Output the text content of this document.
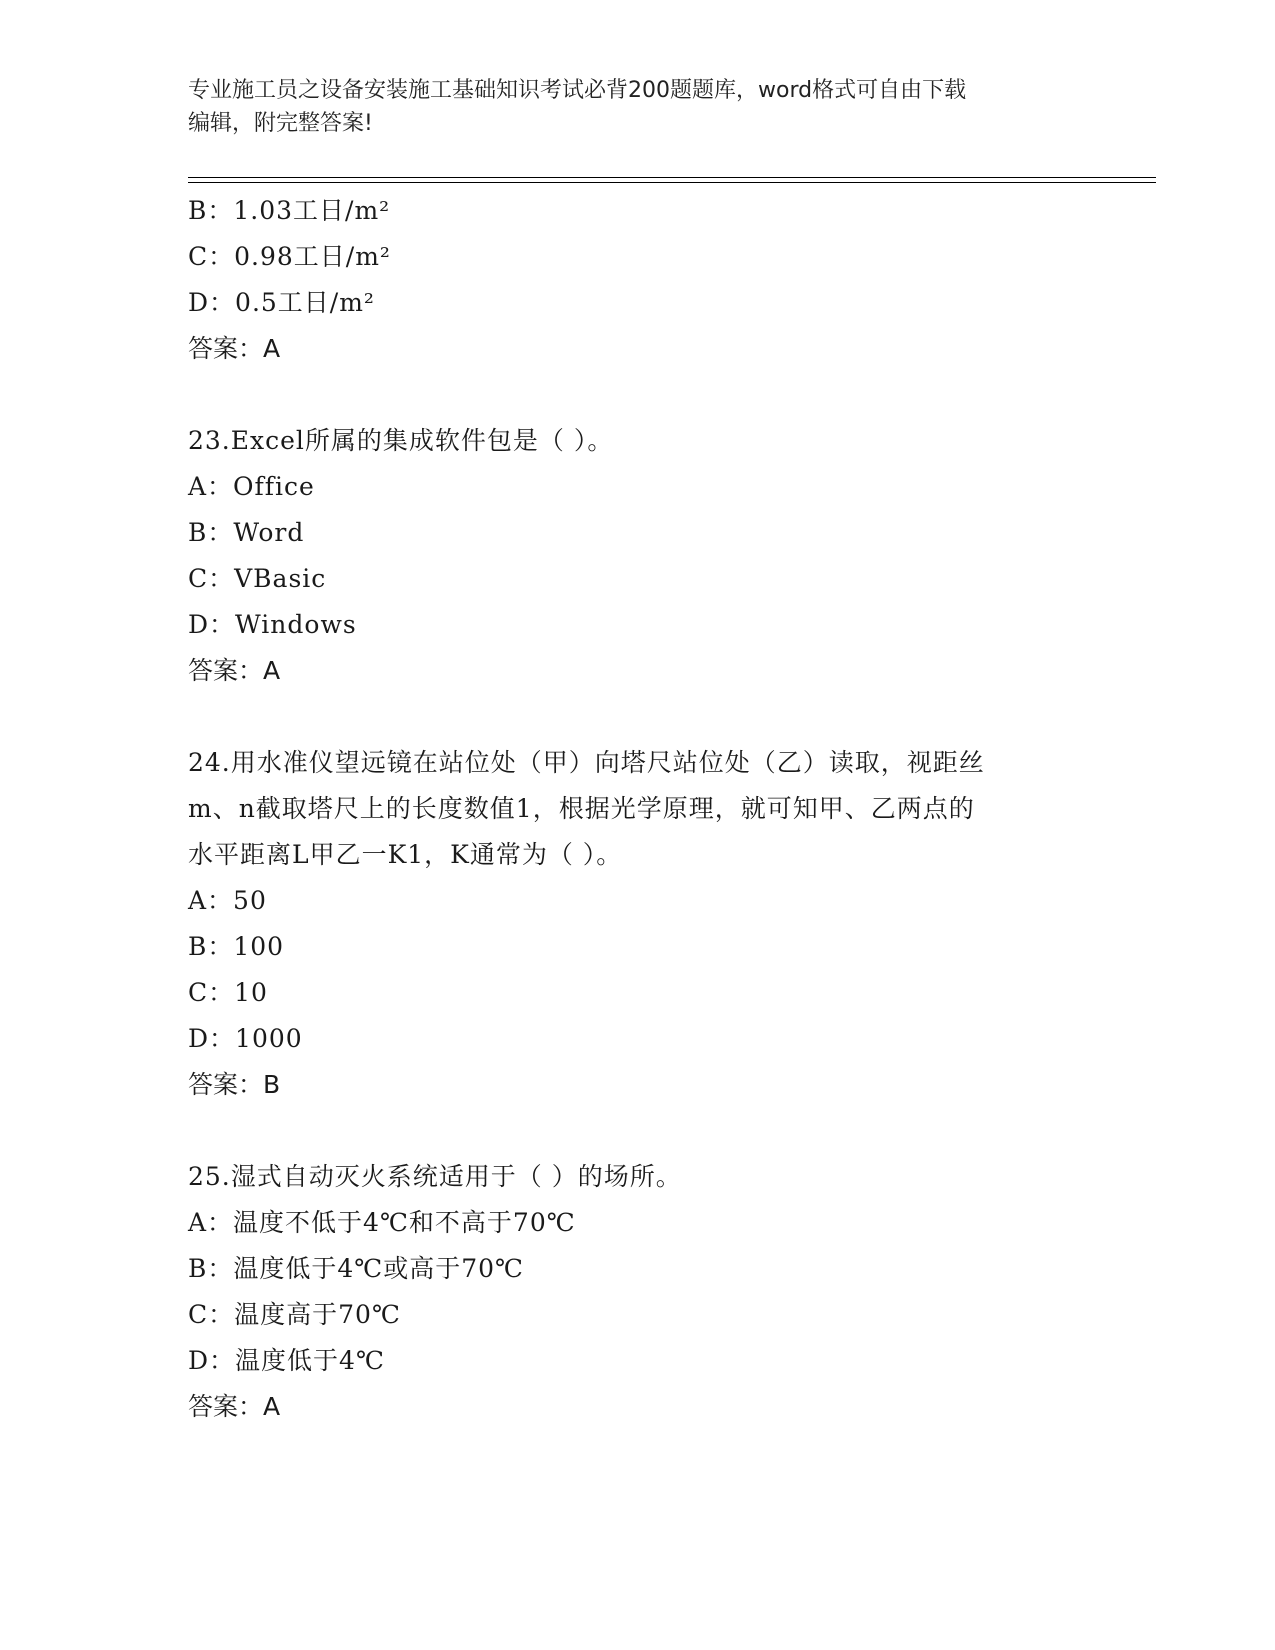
专业施工员之设备安装施工基础知识考试必背200题题库，word格式可自由下载
编辑，附完整答案!
B：1.03工日/m²
C：0.98工日/m²
D：0.5工日/m²
答案：A
23.Excel所属的集成软件包是（ ）。
A：Office
B：Word
C：VBasic
D：Windows
答案：A
24.用水准仪望远镜在站位处（甲）向塔尺站位处（乙）读取，视距丝
m、n截取塔尺上的长度数值1，根据光学原理，就可知甲、乙两点的
水平距离L甲乙一K1，K通常为（ ）。
A：50
B：100
C：10
D：1000
答案：B
25.湿式自动灭火系统适用于（ ）的场所。
A：温度不低于4℃和不高于70℃
B：温度低于4℃或高于70℃
C：温度高于70℃
D：温度低于4℃
答案：A
